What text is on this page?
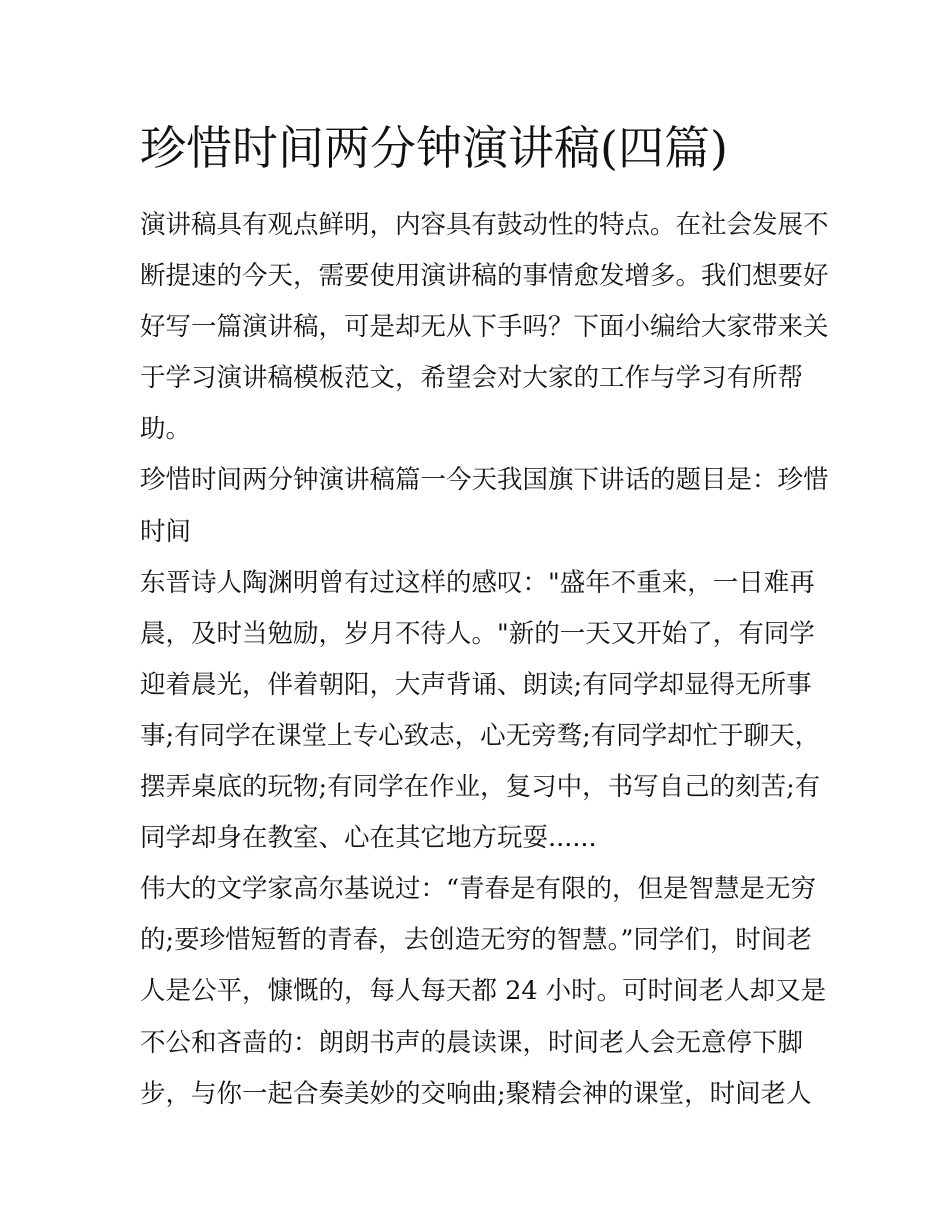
珍惜时间两分钟演讲稿(四篇)
演讲稿具有观点鲜明，内容具有鼓动性的特点。在社会发展不
断提速的今天，需要使用演讲稿的事情愈发增多。我们想要好
好写一篇演讲稿，可是却无从下手吗？下面小编给大家带来关
于学习演讲稿模板范文，希望会对大家的工作与学习有所帮
助。
珍惜时间两分钟演讲稿篇一今天我国旗下讲话的题目是：珍惜
时间
东晋诗人陶渊明曾有过这样的感叹："盛年不重来，一日难再
晨，及时当勉励，岁月不待人。"新的一天又开始了，有同学
迎着晨光，伴着朝阳，大声背诵、朗读;有同学却显得无所事
事;有同学在课堂上专心致志，心无旁骛;有同学却忙于聊天，
摆弄桌底的玩物;有同学在作业，复习中，书写自己的刻苦;有
同学却身在教室、心在其它地方玩耍......
伟大的文学家高尔基说过：“青春是有限的，但是智慧是无穷
的;要珍惜短暂的青春，去创造无穷的智慧。”同学们，时间老
人是公平，慷慨的，每人每天都 24 小时。可时间老人却又是
不公和吝啬的：朗朗书声的晨读课，时间老人会无意停下脚
步，与你一起合奏美妙的交响曲;聚精会神的课堂，时间老人
